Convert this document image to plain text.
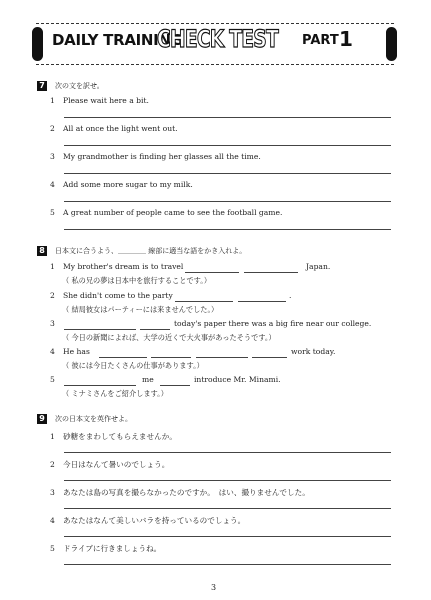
DAILY TRAINING
CHECK TEST PART 1
7 次の文を訳せ。
1 Please wait here a bit.
2 All at once the light went out.
3 My grandmother is finding her glasses all the time.
4 Add some more sugar to my milk.
5 A great number of people came to see the football game.
8 日本文に合うよう、＿＿＿＿ 線部に適当な語をかき入れよ。
1 My brother's dream is to travel	Japan.
（ 私の兄の夢は日本中を旅行することです。）
2 She didn't come to the party	.
（ 結局彼女はパーティーには来ませんでした。）
3	today's paper there was a big fire near our college.
（ 今日の新聞によれば、大学の近くで大火事があったそうです。）
4 He has	work today.
（ 彼には今日たくさんの仕事があります。）
5	me	introduce Mr. Minami.
（ ミナミさんをご紹介します。）
9 次の日本文を英作せよ。
1 砂糖をまわしてもらえませんか。
2 今日はなんて暑いのでしょう。
3 あなたは島の写真を撮らなかったのですか。　はい、撮りませんでした。
4 あなたはなんて美しいバラを持っているのでしょう。
5 ドライブに行きましょうね。
3
